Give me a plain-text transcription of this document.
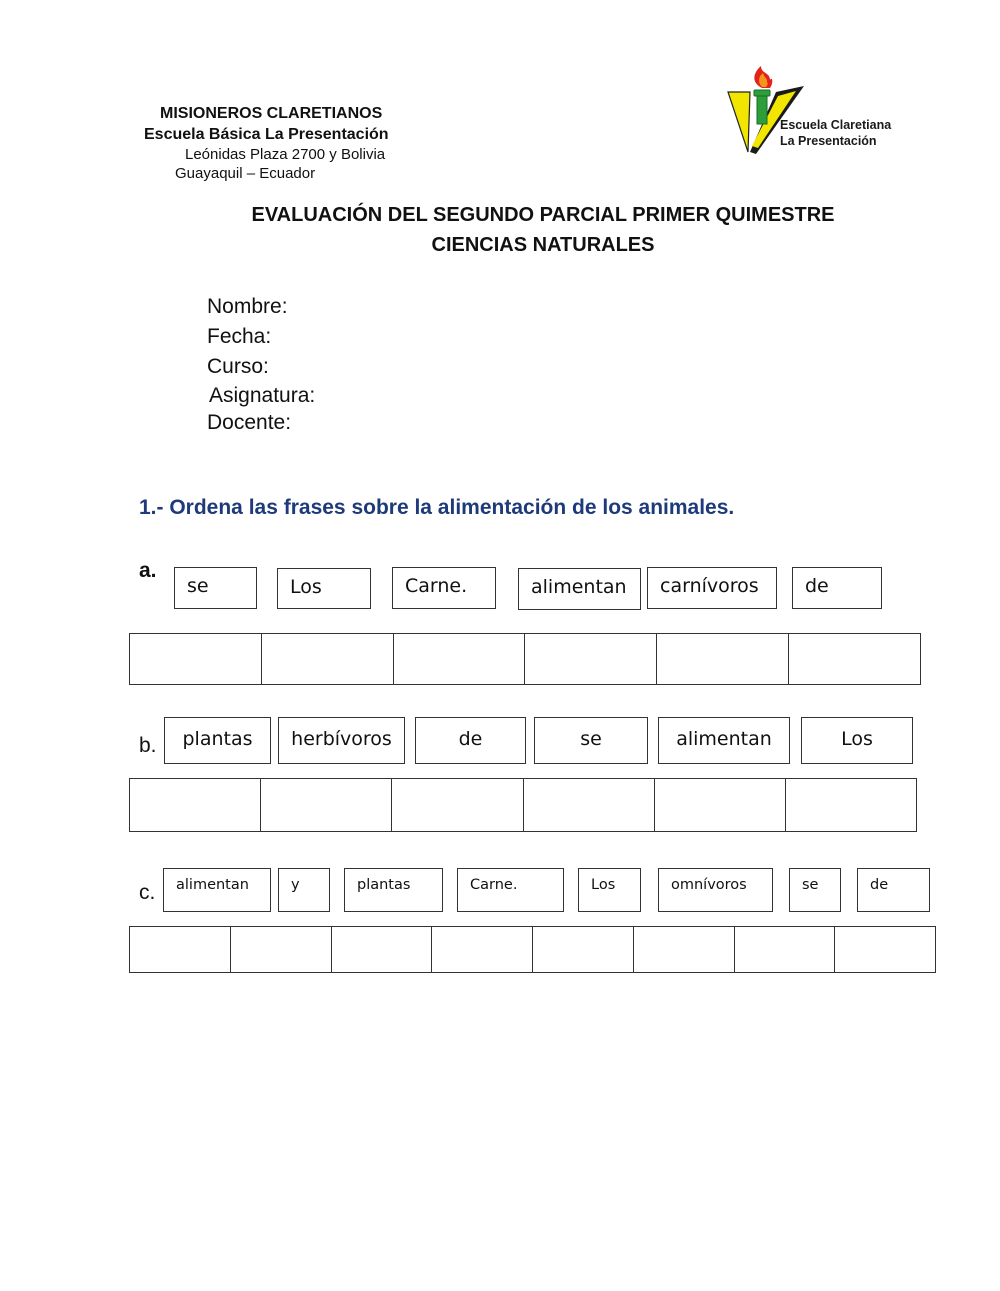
MISIONEROS CLARETIANOS
Escuela Básica La Presentación
Leónidas Plaza 2700 y Bolivia
Guayaquil – Ecuador
Escuela Claretiana
La Presentación
EVALUACIÓN DEL SEGUNDO PARCIAL PRIMER QUIMESTRE
CIENCIAS NATURALES
Nombre:
Fecha:
Curso:
Asignatura:
Docente:
1.- Ordena las frases sobre la alimentación de los animales.
a.
se	Los	Carne.	alimentan	carnívoros	de
b.	plantas	herbívoros	de	se	alimentan	Los
c.	alimentan	y	plantas	Carne.	Los	omnívoros	se	de
